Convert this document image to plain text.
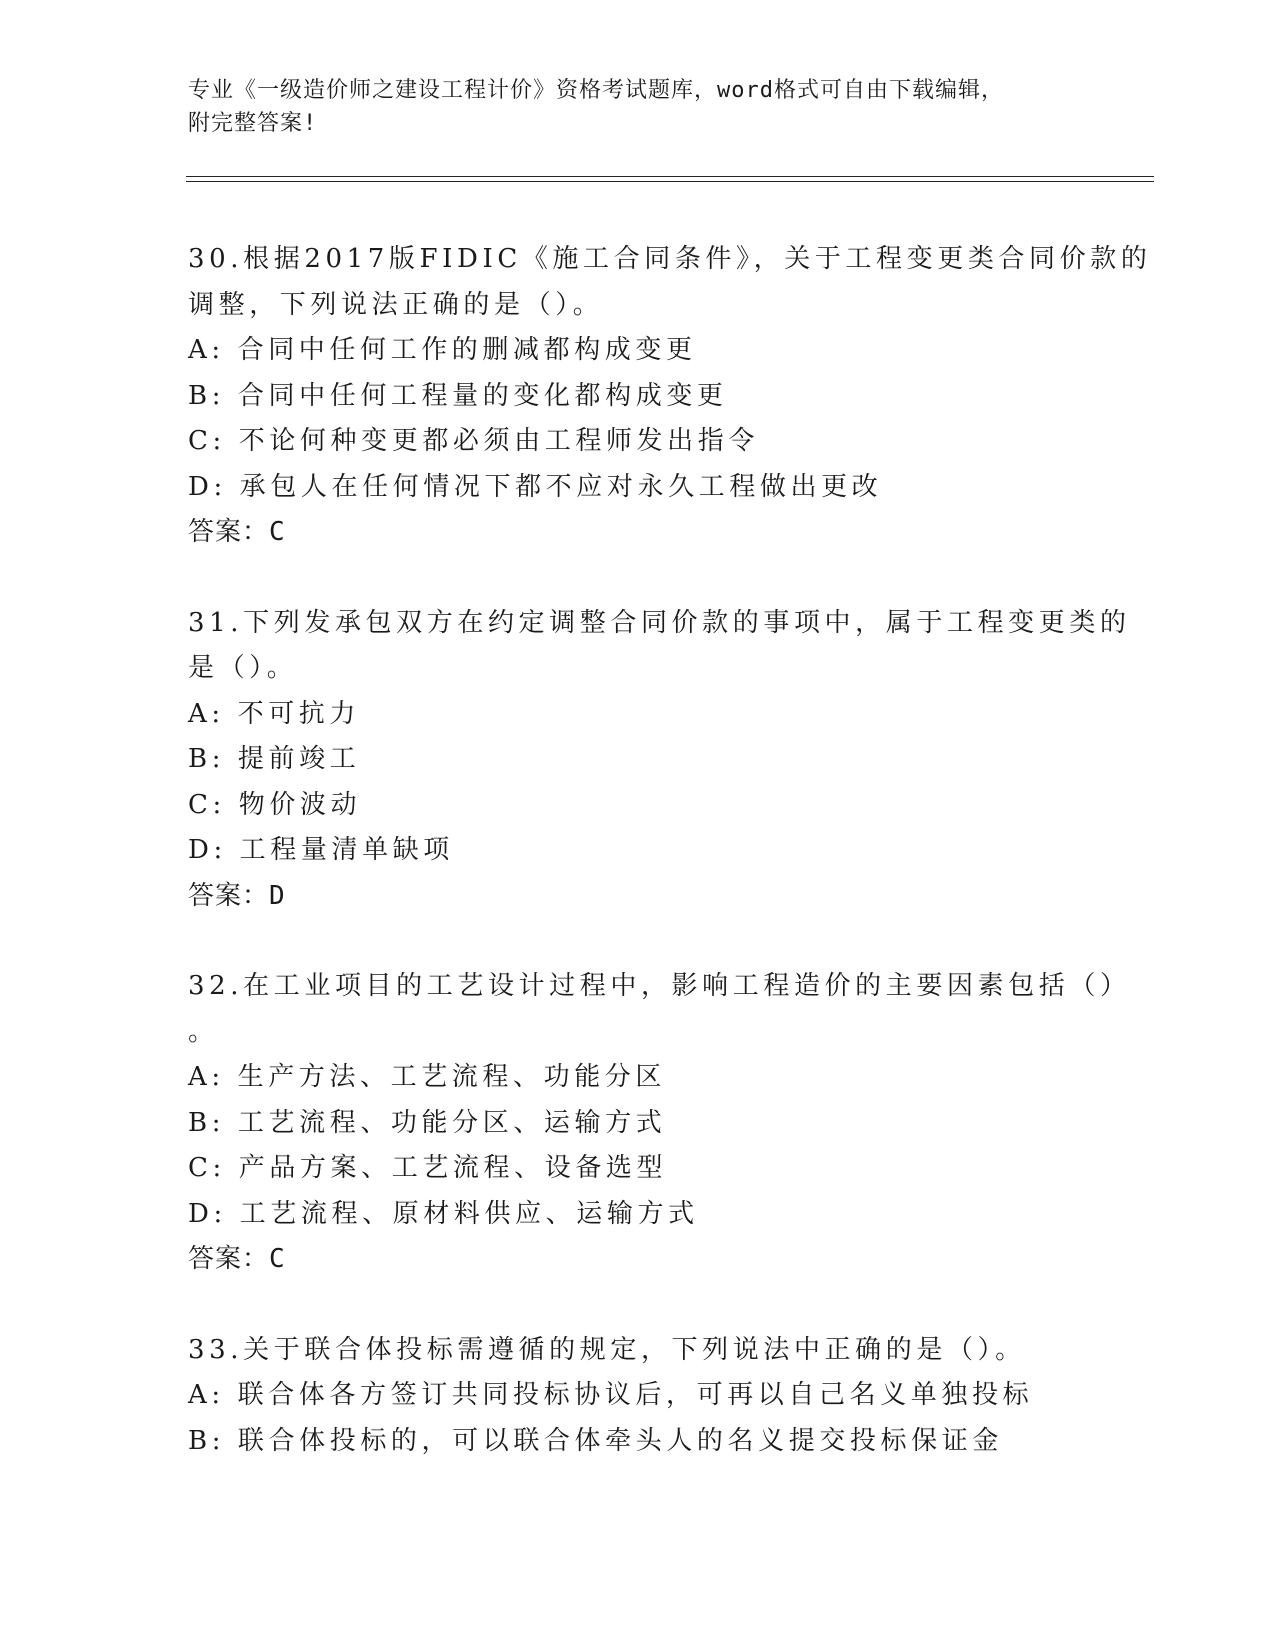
专业《一级造价师之建设工程计价》资格考试题库，word格式可自由下载编辑，
附完整答案!
30.根据2017版FIDIC《施工合同条件》，关于工程变更类合同价款的
调整，下列说法正确的是（）。
A: 合同中任何工作的删减都构成变更
B: 合同中任何工程量的变化都构成变更
C: 不论何种变更都必须由工程师发出指令
D: 承包人在任何情况下都不应对永久工程做出更改
答案：C
31.下列发承包双方在约定调整合同价款的事项中，属于工程变更类的
是（）。
A: 不可抗力
B: 提前竣工
C: 物价波动
D: 工程量清单缺项
答案：D
32.在工业项目的工艺设计过程中，影响工程造价的主要因素包括（）
。
A: 生产方法、工艺流程、功能分区
B: 工艺流程、功能分区、运输方式
C: 产品方案、工艺流程、设备选型
D: 工艺流程、原材料供应、运输方式
答案：C
33.关于联合体投标需遵循的规定，下列说法中正确的是（）。
A: 联合体各方签订共同投标协议后，可再以自己名义单独投标
B: 联合体投标的，可以联合体牵头人的名义提交投标保证金
